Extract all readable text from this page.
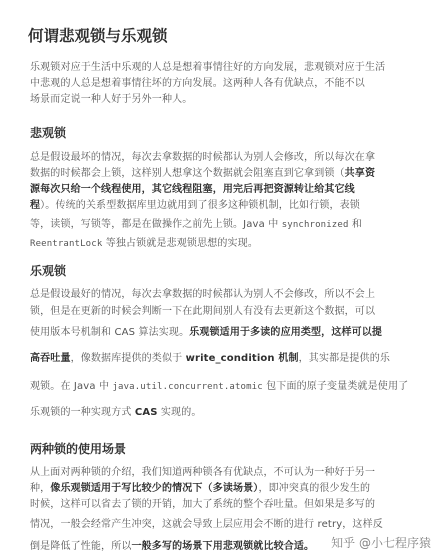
何谓悲观锁与乐观锁
乐观锁对应于生活中乐观的人总是想着事情往好的方向发展，悲观锁对应于生活
中悲观的人总是想着事情往坏的方向发展。这两种人各有优缺点，不能不以
场景而定说一种人好于另外一种人。
悲观锁
总是假设最坏的情况，每次去拿数据的时候都认为别人会修改，所以每次在拿
数据的时候都会上锁，这样别人想拿这个数据就会阻塞直到它拿到锁（共享资
源每次只给一个线程使用，其它线程阻塞，用完后再把资源转让给其它线
程）。传统的关系型数据库里边就用到了很多这种锁机制，比如行锁，表锁
等，读锁，写锁等，都是在做操作之前先上锁。Java 中 synchronized 和
ReentrantLock 等独占锁就是悲观锁思想的实现。
乐观锁
总是假设最好的情况，每次去拿数据的时候都认为别人不会修改，所以不会上
锁，但是在更新的时候会判断一下在此期间别人有没有去更新这个数据，可以
使用版本号机制和 CAS 算法实现。乐观锁适用于多读的应用类型，这样可以提
高吞吐量，像数据库提供的类似于 write_condition 机制，其实都是提供的乐
观锁。在 Java 中 java.util.concurrent.atomic 包下面的原子变量类就是使用了
乐观锁的一种实现方式 CAS 实现的。
两种锁的使用场景
从上面对两种锁的介绍，我们知道两种锁各有优缺点，不可认为一种好于另一
种，像乐观锁适用于写比较少的情况下（多读场景），即冲突真的很少发生的
时候，这样可以省去了锁的开销，加大了系统的整个吞吐量。但如果是多写的
情况，一般会经常产生冲突，这就会导致上层应用会不断的进行 retry，这样反
倒是降低了性能，所以一般多写的场景下用悲观锁就比较合适。 知乎 @小七程序猿
